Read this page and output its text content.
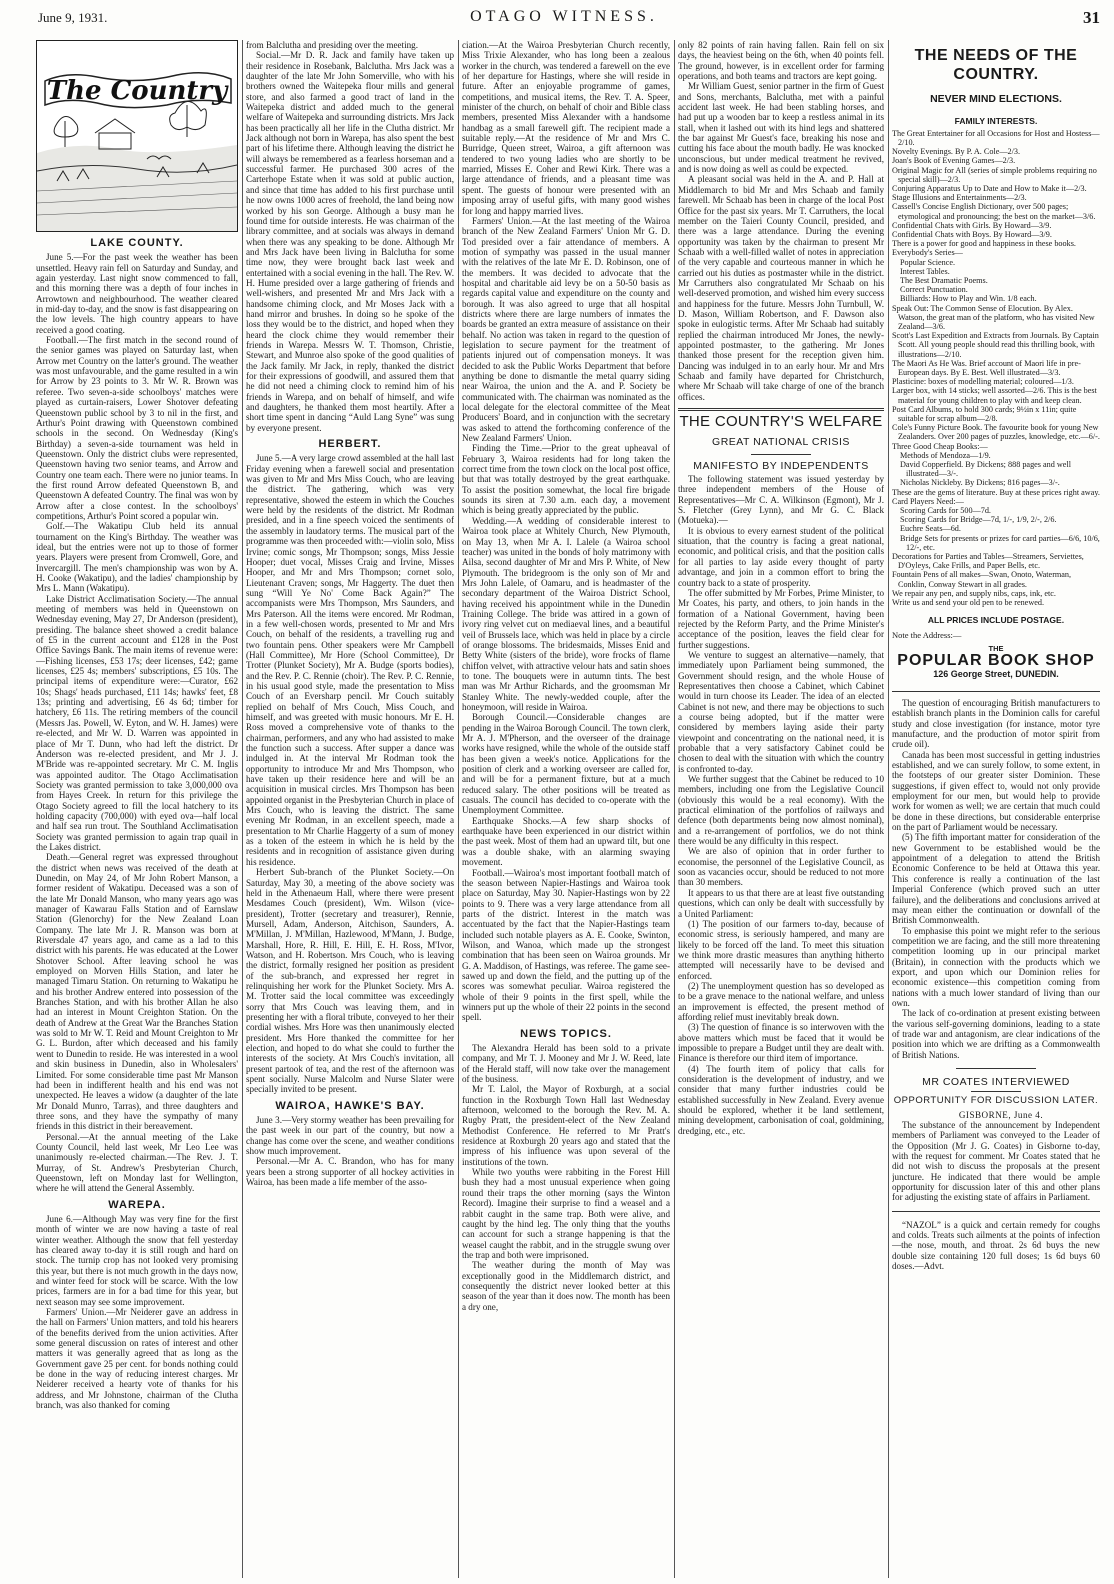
June 9, 1931.	OTAGO WITNESS.	31
The Country
LAKE COUNTY.

June 5.—For the past week the weather has been unsettled. Heavy rain fell on Saturday and Sunday, and again yesterday. Last night snow commenced to fall, and this morning there was a depth of four inches in Arrowtown and neighbourhood. The weather cleared in mid-day to-day, and the snow is fast disappearing on the low levels. The high country appears to have received a good coating.

Football.—The first match in the second round of the senior games was played on Saturday last, when Arrow met Country on the latter's ground. The weather was most unfavourable, and the game resulted in a win for Arrow by 23 points to 3. Mr W. R. Brown was referee. Two seven-a-side schoolboys' matches were played as curtain-raisers, Lower Shotover defeating Queenstown public school by 3 to nil in the first, and Arthur's Point drawing with Queenstown combined schools in the second. On Wednesday (King's Birthday) a seven-a-side tournament was held in Queenstown. Only the district clubs were represented, Queenstown having two senior teams, and Arrow and Country one team each. There were no junior teams. In the first round Arrow defeated Queenstown B, and Queenstown A defeated Country. The final was won by Arrow after a close contest. In the schoolboys' competitions, Arthur's Point scored a popular win.

Golf.—The Wakatipu Club held its annual tournament on the King's Birthday. The weather was ideal, but the entries were not up to those of former years. Players were present from Cromwell, Gore, and Invercargill. The men's championship was won by A. H. Cooke (Wakatipu), and the ladies' championship by Mrs L. Mann (Wakatipu).

Lake District Acclimatisation Society.—The annual meeting of members was held in Queenstown on Wednesday evening, May 27, Dr Anderson (president), presiding. The balance sheet showed a credit balance of £5 in the current account and £128 in the Post Office Savings Bank. The main items of revenue were:—Fishing licenses, £53 17s; deer licenses, £42; game licenses, £25 4s; members' subscriptions, £5 10s. The principal items of expenditure were:—Curator, £62 10s; Shags' heads purchased, £11 14s; hawks' feet, £8 13s; printing and advertising, £6 4s 6d; timber for hatchery, £6 11s. The retiring members of the council (Messrs Jas. Powell, W. Eyton, and W. H. James) were re-elected, and Mr W. D. Warren was appointed in place of Mr T. Dunn, who had left the district. Dr Anderson was re-elected president, and Mr J. J. M'Bride was re-appointed secretary. Mr C. M. Inglis was appointed auditor. The Otago Acclimatisation Society was granted permission to take 3,000,000 ova from Hayes Creek. In return for this privilege the Otago Society agreed to fill the local hatchery to its holding capacity (700,000) with eyed ova—half local and half sea run trout. The Southland Acclimatisation Society was granted permission to again trap quail in the Lakes district.

Death.—General regret was expressed throughout the district when news was received of the death at Dunedin, on May 24, of Mr John Robert Manson, a former resident of Wakatipu. Deceased was a son of the late Mr Donald Manson, who many years ago was manager of Kawarau Falls Station and of Earnslaw Station (Glenorchy) for the New Zealand Loan Company. The late Mr J. R. Manson was born at Riversdale 47 years ago, and came as a lad to this district with his parents. He was educated at the Lower Shotover School. After leaving school he was employed on Morven Hills Station, and later he managed Timaru Station. On returning to Wakatipu he and his brother Andrew entered into possession of the Branches Station, and with his brother Allan he also had an interest in Mount Creighton Station. On the death of Andrew at the Great War the Branches Station was sold to Mr W. T. Reid and Mount Creighton to Mr G. L. Burdon, after which deceased and his family went to Dunedin to reside. He was interested in a wool and skin business in Dunedin, also in Wholesalers' Limited. For some considerable time past Mr Manson had been in indifferent health and his end was not unexpected. He leaves a widow (a daughter of the late Mr Donald Munro, Tarras), and three daughters and three sons, and they have the sympathy of many friends in this district in their bereavement.

Personal.—At the annual meeting of the Lake County Council, held last week, Mr Leo Lee was unanimously re-elected chairman.—The Rev. J. T. Murray, of St. Andrew's Presbyterian Church, Queenstown, left on Monday last for Wellington, where he will attend the General Assembly.

WAREPA.

June 6.—Although May was very fine for the first month of winter we are now having a taste of real winter weather. Although the snow that fell yesterday has cleared away to-day it is still rough and hard on stock. The turnip crop has not looked very promising this year, but there is not much growth in the days now, and winter feed for stock will be scarce. With the low prices, farmers are in for a bad time for this year, but next season may see some improvement.

Farmers' Union.—Mr Neiderer gave an address in the hall on Farmers' Union matters, and told his hearers of the benefits derived from the union activities. After some general discussion on rates of interest and other matters it was generally agreed that as long as the Government gave 25 per cent. for bonds nothing could be done in the way of reducing interest charges. Mr Neiderer received a hearty vote of thanks for his address, and Mr Johnstone, chairman of the Clutha branch, was also thanked for coming

from Balclutha and presiding over the meeting.

Social.—Mr D. R. Jack and family have taken up their residence in Rosebank, Balclutha. Mrs Jack was a daughter of the late Mr John Somerville, who with his brothers owned the Waitepeka flour mills and general store, and also farmed a good tract of land in the Waitepeka district and added much to the general welfare of Waitepeka and surrounding districts. Mrs Jack has been practically all her life in the Clutha district. Mr Jack although not born in Warepa, has also spent the best part of his lifetime there. Although leaving the district he will always be remembered as a fearless horseman and a successful farmer. He purchased 300 acres of the Carterhope Estate when it was sold at public auction, and since that time has added to his first purchase until he now owns 1000 acres of freehold, the land being now worked by his son George. Although a busy man he found time for outside interests. He was chairman of the library committee, and at socials was always in demand when there was any speaking to be done. Although Mr and Mrs Jack have been living in Balclutha for some time now, they were brought back last week and entertained with a social evening in the hall. The Rev. W. H. Hume presided over a large gathering of friends and well-wishers, and presented Mr and Mrs Jack with a handsome chiming clock, and Mr Moses Jack with a hand mirror and brushes. In doing so he spoke of the loss they would be to the district, and hoped when they heard the clock chime they would remember their friends in Warepa. Messrs W. T. Thomson, Christie, Stewart, and Munroe also spoke of the good qualities of the Jack family. Mr Jack, in reply, thanked the district for their expressions of goodwill, and assured them that he did not need a chiming clock to remind him of his friends in Warepa, and on behalf of himself, and wife and daughters, he thanked them most heartily. After a short time spent in dancing “Auld Lang Syne” was sung by everyone present.

HERBERT.

June 5.—A very large crowd assembled at the hall last Friday evening when a farewell social and presentation was given to Mr and Mrs Miss Couch, who are leaving the district. The gathering, which was very representative, showed the esteem in which the Couches were held by the residents of the district. Mr Rodman presided, and in a fine speech voiced the sentiments of the assembly in laudatory terms. The musical part of the programme was then proceeded with:—violin solo, Miss Irvine; comic songs, Mr Thompson; songs, Miss Jessie Hooper; duet vocal, Misses Craig and Irvine, Misses Hooper, and Mr and Mrs Thompson; cornet solo, Lieutenant Craven; songs, Mr Haggerty. The duet then sung “Will Ye No' Come Back Again?” The accompanists were Mrs Thompson, Mrs Saunders, and Mrs Paterson. All the items were encored. Mr Rodman, in a few well-chosen words, presented to Mr and Mrs Couch, on behalf of the residents, a travelling rug and two fountain pens. Other speakers were Mr Campbell (Hall Committee), Mr Hore (School Committee), Dr Trotter (Plunket Society), Mr A. Budge (sports bodies), and the Rev. P. C. Rennie (choir). The Rev. P. C. Rennie, in his usual good style, made the presentation to Miss Couch of an Eversharp pencil. Mr Couch suitably replied on behalf of Mrs Couch, Miss Couch, and himself, and was greeted with music honours. Mr E. H. Ross moved a comprehensive vote of thanks to the chairman, performers, and any who had assisted to make the function such a success. After supper a dance was indulged in. At the interval Mr Rodman took the opportunity to introduce Mr and Mrs Thompson, who have taken up their residence here and will be an acquisition in musical circles. Mrs Thompson has been appointed organist in the Presbyterian Church in place of Mrs Couch, who is leaving the district. The same evening Mr Rodman, in an excellent speech, made a presentation to Mr Charlie Haggerty of a sum of money as a token of the esteem in which he is held by the residents and in recognition of assistance given during his residence.

Herbert Sub-branch of the Plunket Society.—On Saturday, May 30, a meeting of the above society was held in the Athenaeum Hall, where there were present Mesdames Couch (president), Wm. Wilson (vice-president), Trotter (secretary and treasurer), Rennie, Mursell, Adam, Anderson, Aitchison, Saunders, A. M'Millan, J. M'Millan, Hazlewood, M'Mann, J. Budge, Marshall, Hore, R. Hill, E. Hill, E. H. Ross, M'Ivor, Watson, and H. Robertson. Mrs Couch, who is leaving the district, formally resigned her position as president of the sub-branch, and expressed her regret in relinquishing her work for the Plunket Society. Mrs A. M. Trotter said the local committee was exceedingly sorry that Mrs Couch was leaving them, and in presenting her with a floral tribute, conveyed to her their cordial wishes. Mrs Hore was then unanimously elected president. Mrs Hore thanked the committee for her election, and hoped to do what she could to further the interests of the society. At Mrs Couch's invitation, all present partook of tea, and the rest of the afternoon was spent socially. Nurse Malcolm and Nurse Slater were specially invited to be present.

WAIROA, HAWKE'S BAY.

June 3.—Very stormy weather has been prevailing for the past week in our part of the country, but now a change has come over the scene, and weather conditions show much improvement.

Personal.—Mr A. C. Brandon, who has for many years been a strong supporter of all hockey activities in Wairoa, has been made a life member of the asso-

ciation.—At the Wairoa Presbyterian Church recently, Miss Trixie Alexander, who has long been a zealous worker in the church, was tendered a farewell on the eve of her departure for Hastings, where she will reside in future. After an enjoyable programme of games, competitions, and musical items, the Rev. T. A. Speer, minister of the church, on behalf of choir and Bible class members, presented Miss Alexander with a handsome handbag as a small farewell gift. The recipient made a suitable reply.—At the residence of Mr and Mrs C. Burridge, Queen street, Wairoa, a gift afternoon was tendered to two young ladies who are shortly to be married, Misses E. Coher and Rewi Kirk. There was a large attendance of friends, and a pleasant time was spent. The guests of honour were presented with an imposing array of useful gifts, with many good wishes for long and happy married lives.

Farmers' Union.—At the last meeting of the Wairoa branch of the New Zealand Farmers' Union Mr G. D. Tod presided over a fair attendance of members. A motion of sympathy was passed in the usual manner with the relatives of the late Mr E. D. Robinson, one of the members. It was decided to advocate that the hospital and charitable aid levy be on a 50-50 basis as regards capital value and expenditure on the county and borough. It was also agreed to urge that all hospital districts where there are large numbers of inmates the boards be granted an extra measure of assistance on their behalf. No action was taken in regard to the question of legislation to secure payment for the treatment of patients injured out of compensation moneys. It was decided to ask the Public Works Department that before anything be done to dismantle the metal quarry siding near Wairoa, the union and the A. and P. Society be communicated with. The chairman was nominated as the local delegate for the electoral committee of the Meat Producers' Board, and in conjunction with the secretary was asked to attend the forthcoming conference of the New Zealand Farmers' Union.

Finding the Time.—Prior to the great upheaval of February 3, Wairoa residents had for long taken the correct time from the town clock on the local post office, but that was totally destroyed by the great earthquake. To assist the position somewhat, the local fire brigade sounds its siren at 7.30 a.m. each day, a movement which is being greatly appreciated by the public.

Wedding.—A wedding of considerable interest to Wairoa took place at Whitely Church, New Plymouth, on May 13, when Mr A. I. Lalele (a Wairoa school teacher) was united in the bonds of holy matrimony with Ailsa, second daughter of Mr and Mrs P. White, of New Plymouth. The bridegroom is the only son of Mr and Mrs John Lalele, of Oamaru, and is headmaster of the secondary department of the Wairoa District School, having received his appointment while in the Dunedin Training College. The bride was attired in a gown of ivory ring velvet cut on mediaeval lines, and a beautiful veil of Brussels lace, which was held in place by a circle of orange blossoms. The bridesmaids, Misses Enid and Betty White (sisters of the bride), wore frocks of flame chiffon velvet, with attractive velour hats and satin shoes to tone. The bouquets were in autumn tints. The best man was Mr Arthur Richards, and the groomsman Mr Stanley White. The newly-wedded couple, after the honeymoon, will reside in Wairoa.

Borough Council.—Considerable changes are pending in the Wairoa Borough Council. The town clerk, Mr A. J. M'Pherson, and the overseer of the drainage works have resigned, while the whole of the outside staff has been given a week's notice. Applications for the position of clerk and a working overseer are called for, and will be for a permanent fixture, but at a much reduced salary. The other positions will be treated as casuals. The council has decided to co-operate with the Unemployment Committee.

Earthquake Shocks.—A few sharp shocks of earthquake have been experienced in our district within the past week. Most of them had an upward tilt, but one was a double shake, with an alarming swaying movement.

Football.—Wairoa's most important football match of the season between Napier-Hastings and Wairoa took place on Saturday, May 30. Napier-Hastings won by 22 points to 9. There was a very large attendance from all parts of the district. Interest in the match was accentuated by the fact that the Napier-Hastings team included such notable players as A. E. Cooke, Swinton, Wilson, and Wanoa, which made up the strongest combination that has been seen on Wairoa grounds. Mr G. A. Maddison, of Hastings, was referee. The game see-sawed up and down the field, and the putting up of the scores was somewhat peculiar. Wairoa registered the whole of their 9 points in the first spell, while the winners put up the whole of their 22 points in the second spell.

NEWS TOPICS.

The Alexandra Herald has been sold to a private company, and Mr T. J. Mooney and Mr J. W. Reed, late of the Herald staff, will now take over the management of the business.

Mr T. Lalol, the Mayor of Roxburgh, at a social function in the Roxburgh Town Hall last Wednesday afternoon, welcomed to the borough the Rev. M. A. Rugby Pratt, the president-elect of the New Zealand Methodist Conference. He referred to Mr Pratt's residence at Roxburgh 20 years ago and stated that the impress of his influence was upon several of the institutions of the town.

While two youths were rabbiting in the Forest Hill bush they had a most unusual experience when going round their traps the other morning (says the Winton Record). Imagine their surprise to find a weasel and a rabbit caught in the same trap. Both were alive, and caught by the hind leg. The only thing that the youths can account for such a strange happening is that the weasel caught the rabbit, and in the struggle swung over the trap and both were imprisoned.

The weather during the month of May was exceptionally good in the Middlemarch district, and consequently the district never looked better at this season of the year than it does now. The month has been a dry one,

only 82 points of rain having fallen. Rain fell on six days, the heaviest being on the 6th, when 40 points fell. The ground, however, is in excellent order for farming operations, and both teams and tractors are kept going.

Mr William Guest, senior partner in the firm of Guest and Sons, merchants, Balclutha, met with a painful accident last week. He had been stabling horses, and had put up a wooden bar to keep a restless animal in its stall, when it lashed out with its hind legs and shattered the bar against Mr Guest's face, breaking his nose and cutting his face about the mouth badly. He was knocked unconscious, but under medical treatment he revived, and is now doing as well as could be expected.

A pleasant social was held in the A. and P. Hall at Middlemarch to bid Mr and Mrs Schaab and family farewell. Mr Schaab has been in charge of the local Post Office for the past six years. Mr T. Carruthers, the local member on the Taieri County Council, presided, and there was a large attendance. During the evening opportunity was taken by the chairman to present Mr Schaab with a well-filled wallet of notes in appreciation of the very capable and courteous manner in which he carried out his duties as postmaster while in the district. Mr Carruthers also congratulated Mr Schaab on his well-deserved promotion, and wished him every success and happiness for the future. Messrs John Turnbull, W. D. Mason, William Robertson, and F. Dawson also spoke in eulogistic terms. After Mr Schaab had suitably replied the chairman introduced Mr Jones, the newly-appointed postmaster, to the gathering. Mr Jones thanked those present for the reception given him. Dancing was indulged in to an early hour. Mr and Mrs Schaab and family have departed for Christchurch, where Mr Schaab will take charge of one of the branch offices.

THE COUNTRY'S WELFARE
GREAT NATIONAL CRISIS
MANIFESTO BY INDEPENDENTS

The following statement was issued yesterday by three independent members of the House of Representatives—Mr C. A. Wilkinson (Egmont), Mr J. S. Fletcher (Grey Lynn), and Mr G. C. Black (Motueka).—

It is obvious to every earnest student of the political situation, that the country is facing a great national, economic, and political crisis, and that the position calls for all parties to lay aside every thought of party advantage, and join in a common effort to bring the country back to a state of prosperity.

The offer submitted by Mr Forbes, Prime Minister, to Mr Coates, his party, and others, to join hands in the formation of a National Government, having been rejected by the Reform Party, and the Prime Minister's acceptance of the position, leaves the field clear for further suggestions.

We venture to suggest an alternative—namely, that immediately upon Parliament being summoned, the Government should resign, and the whole House of Representatives then choose a Cabinet, which Cabinet would in turn choose its Leader. The idea of an elected Cabinet is not new, and there may be objections to such a course being adopted, but if the matter were considered by members laying aside their party viewpoint and concentrating on the national need, it is probable that a very satisfactory Cabinet could be chosen to deal with the situation with which the country is confronted to-day.

We further suggest that the Cabinet be reduced to 10 members, including one from the Legislative Council (obviously this would be a real economy). With the practical elimination of the portfolios of railways and defence (both departments being now almost nominal), and a re-arrangement of portfolios, we do not think there would be any difficulty in this respect.

We are also of opinion that in order further to economise, the personnel of the Legislative Council, as soon as vacancies occur, should be reduced to not more than 30 members.

It appears to us that there are at least five outstanding questions, which can only be dealt with successfully by a United Parliament:

(1) The position of our farmers to-day, because of economic stress, is seriously hampered, and many are likely to be forced off the land. To meet this situation we think more drastic measures than anything hitherto attempted will necessarily have to be devised and enforced.

(2) The unemployment question has so developed as to be a grave menace to the national welfare, and unless an improvement is effected, the present method of affording relief must inevitably break down.

(3) The question of finance is so interwoven with the above matters which must be faced that it would be impossible to prepare a Budget until they are dealt with. Finance is therefore our third item of importance.

(4) The fourth item of policy that calls for consideration is the development of industry, and we consider that many further industries could be established successfully in New Zealand. Every avenue should be explored, whether it be land settlement, mining development, carbonisation of coal, goldmining, dredging, etc., etc.

THE NEEDS OF THE COUNTRY.
NEVER MIND ELECTIONS.
FAMILY INTERESTS.
The Great Entertainer for all Occasions for Host and Hostess—2/10.
Novelty Evenings. By P. A. Cole—2/3.
Joan's Book of Evening Games—2/3.
Original Magic for All (series of simple problems requiring no special skill)—2/3.
Conjuring Apparatus Up to Date and How to Make it—2/3.
Stage Illusions and Entertainments—2/3.
Cassell's Concise English Dictionary, over 500 pages; etymological and pronouncing; the best on the market—3/6.
Confidential Chats with Girls. By Howard—3/9.
Confidential Chats with Boys. By Howard—3/9.
There is a power for good and happiness in these books.
Everybody's Series—
Popular Science.
Interest Tables.
The Best Dramatic Poems.
Correct Punctuation.
Billiards: How to Play and Win. 1/8 each.
Speak Out: The Common Sense of Elocution. By Alex. Watson, the great man of the platform, who has visited New Zealand—3/6.
Scott's Last Expedition and Extracts from Journals. By Captain Scott. All young people should read this thrilling book, with illustrations—2/10.
The Maori As He Was. Brief account of Maori life in pre-European days. By E. Best. Well illustrated—3/3.
Plasticine: boxes of modelling material; coloured—1/3.
Larger box, with 14 sticks; well assorted—2/6. This is the best material for young children to play with and keep clean.
Post Card Albums, to hold 300 cards; 9½in x 11in; quite suitable for scrap album—2/8.
Cole's Funny Picture Book. The favourite book for young New Zealanders. Over 200 pages of puzzles, knowledge, etc.—6/-.
Three Good Cheap Books:—
Methods of Mendoza—1/9.
David Copperfield. By Dickens; 888 pages and well illustrated—3/-.
Nicholas Nickleby. By Dickens; 816 pages—3/-.
These are the gems of literature. Buy at these prices right away.
Card Players Need:—
Scoring Cards for 500—7d.
Scoring Cards for Bridge—7d, 1/-, 1/9, 2/-, 2/6.
Euchre Seats—6d.
Bridge Sets for presents or prizes for card parties—6/6, 10/6, 12/-, etc.
Decorations for Parties and Tables—Streamers, Serviettes, D'Oyleys, Cake Frills, and Paper Bells, etc.
Fountain Pens of all makes—Swan, Onoto, Waterman, Conklin, Conway Stewart in all grades.
We repair any pen, and supply nibs, caps, ink, etc.
Write us and send your old pen to be renewed.
ALL PRICES INCLUDE POSTAGE.
Note the Address:—
THE
POPULAR BOOK SHOP
126 George Street, DUNEDIN.

The question of encouraging British manufacturers to establish branch plants in the Dominion calls for careful study and close investigation (for instance, motor tyre manufacture, and the production of motor spirit from crude oil).

Canada has been most successful in getting industries established, and we can surely follow, to some extent, in the footsteps of our greater sister Dominion. These suggestions, if given effect to, would not only provide employment for our men, but would help to provide work for women as well; we are certain that much could be done in these directions, but considerable enterprise on the part of Parliament would be necessary.

(5) The fifth important matter for consideration of the new Government to be established would be the appointment of a delegation to attend the British Economic Conference to be held at Ottawa this year. This conference is really a continuation of the last Imperial Conference (which proved such an utter failure), and the deliberations and conclusions arrived at may mean either the continuation or downfall of the British Commonwealth.

To emphasise this point we might refer to the serious competition we are facing, and the still more threatening competition looming up in our principal market (Britain), in connection with the products which we export, and upon which our Dominion relies for economic existence—this competition coming from nations with a much lower standard of living than our own.

The lack of co-ordination at present existing between the various self-governing dominions, leading to a state of trade war and antagonism, are clear indications of the position into which we are drifting as a Commonwealth of British Nations.

MR COATES INTERVIEWED
OPPORTUNITY FOR DISCUSSION LATER.

GISBORNE, June 4.

The substance of the announcement by Independent members of Parliament was conveyed to the Leader of the Opposition (Mr J. G. Coates) in Gisborne to-day, with the request for comment. Mr Coates stated that he did not wish to discuss the proposals at the present juncture. He indicated that there would be ample opportunity for discussion later of this and other plans for adjusting the existing state of affairs in Parliament.

“NAZOL” is a quick and certain remedy for coughs and colds. Treats such ailments at the points of infection—the nose, mouth, and throat. 2s 6d buys the new double size containing 120 full doses; 1s 6d buys 60 doses.—Advt.
